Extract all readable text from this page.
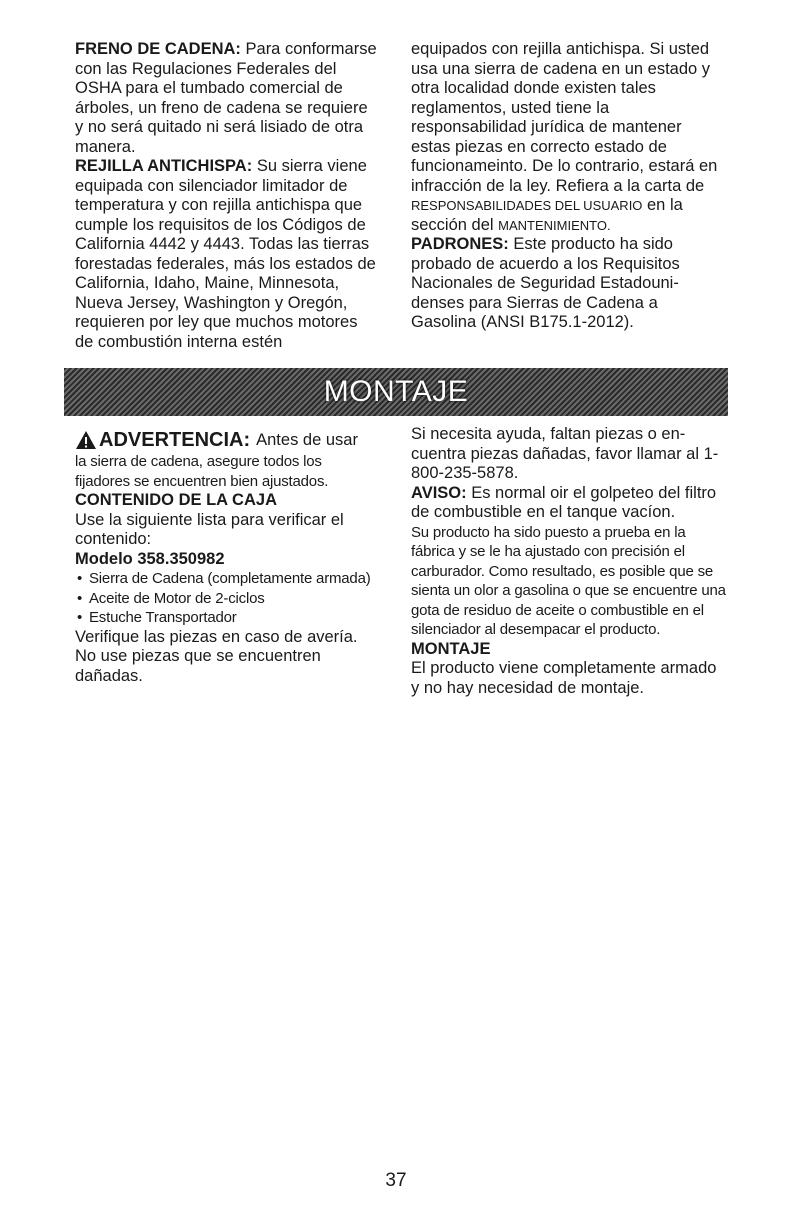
FRENO DE CADENA: Para conformarse con las Regulaciones Federales del OSHA para el tumbado comercial de árboles, un freno de cadena se requiere y no será quitado ni será lisiado de otra manera.

REJILLA ANTICHISPA: Su sierra viene equipada con silenciador limitador de temperatura y con rejilla antichispa que cumple los requisitos de los Códigos de California 4442 y 4443. Todas las tierras forestadas federales, más los estados de California, Idaho, Maine, Minnesota, Nueva Jersey, Washington y Oregón, requieren por ley que muchos motores de combustión interna estén

equipados con rejilla antichispa. Si usted usa una sierra de cadena en un estado y otra localidad donde existen tales reglamentos, usted tiene la responsabilidad jurídica de mantener estas piezas en correcto estado de funcionameinto. De lo contrario, estará en infracción de la ley. Refiera a la carta de RESPONSABILIDADES DEL USUARIO en la sección del MANTENIMIENTO.

PADRONES: Este producto ha sido probado de acuerdo a los Requisitos Nacionales de Seguridad Estadounidenses para Sierras de Cadena a Gasolina (ANSI B175.1-2012).

MONTAJE
ADVERTENCIA: Antes de usar

la sierra de cadena, asegure todos los fijadores se encuentren bien ajustados.

CONTENIDO DE LA CAJA

Use la siguiente lista para verificar el contenido:

Modelo 358.350982

• Sierra de Cadena (completamente armada)
• Aceite de Motor de 2-ciclos
• Estuche Transportador

Verifique las piezas en caso de avería. No use piezas que se encuentren dañadas.

Si necesita ayuda, faltan piezas o encuentra piezas dañadas, favor llamar al 1-800-235-5878.

AVISO: Es normal oir el golpeteo del filtro de combustible en el tanque vacíon.

Su producto ha sido puesto a prueba en la fábrica y se le ha ajustado con precisión el carburador. Como resultado, es posible que se sienta un olor a gasolina o que se encuentre una gota de residuo de aceite o combustible en el silenciador al desempacar el producto.

MONTAJE

El producto viene completamente armado y no hay necesidad de montaje.

37
